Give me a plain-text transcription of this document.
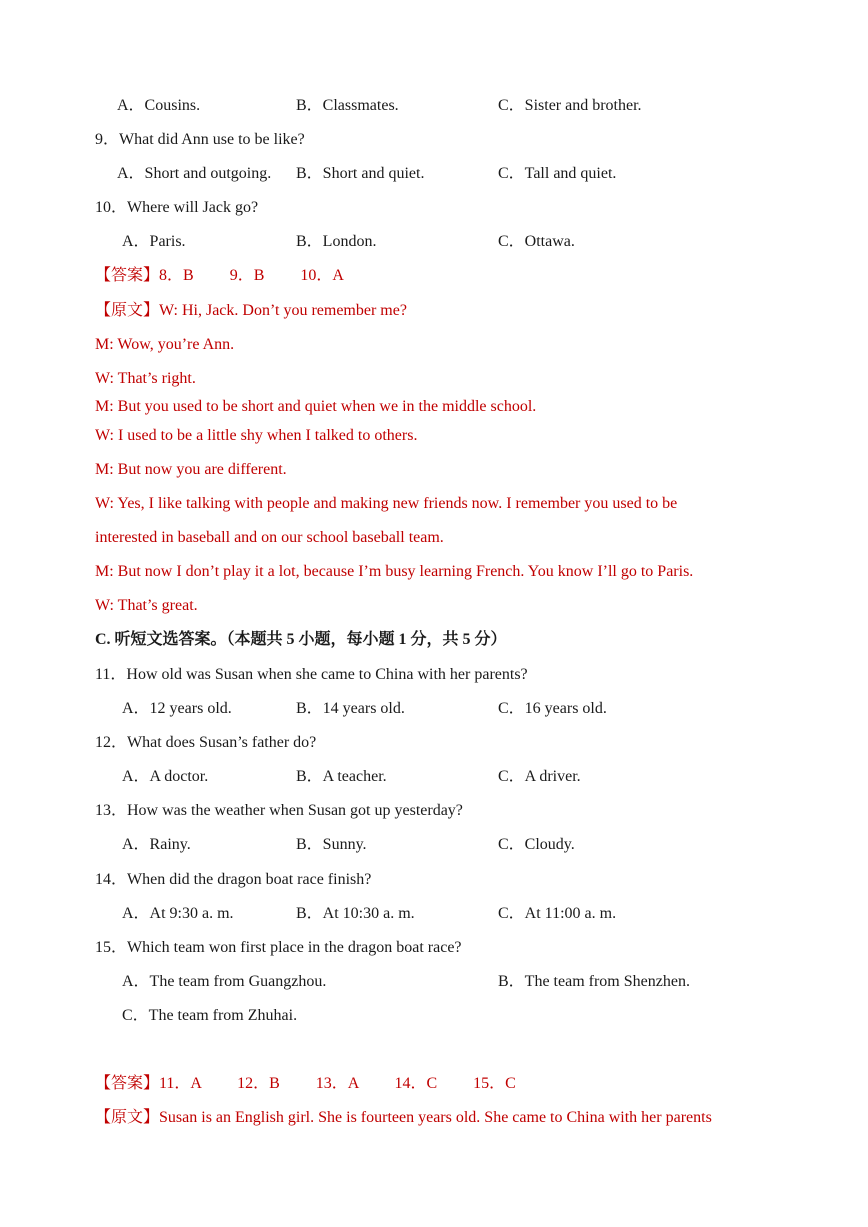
A．Cousins.	B．Classmates.	C．Sister and brother.
9．What did Ann use to be like?
A．Short and outgoing. B．Short and quiet.	C．Tall and quiet.
10．Where will Jack go?
A．Paris.	B．London.	C．Ottawa.
【答案】8．B 9．B 10．A
【原文】W: Hi, Jack. Don’t you remember me?
M: Wow, you’re Ann.
W: That’s right.
M: But you used to be short and quiet when we in the middle school.
W: I used to be a little shy when I talked to others.
M: But now you are different.
W: Yes, I like talking with people and making new friends now. I remember you used to be
interested in baseball and on our school baseball team.
M: But now I don’t play it a lot, because I’m busy learning French. You know I’ll go to Paris.
W: That’s great.
C. 听短文选答案。（本题共 5 小题，每小题 1 分，共 5 分）
11．How old was Susan when she came to China with her parents?
A．12 years old.	B．14 years old.	C．16 years old.
12．What does Susan’s father do?
A．A doctor.	B．A teacher.	C．A driver.
13．How was the weather when Susan got up yesterday?
A．Rainy.	B．Sunny.	C．Cloudy.
14．When did the dragon boat race finish?
A．At 9:30 a. m.	B．At 10:30 a. m.	C．At 11:00 a. m.
15．Which team won first place in the dragon boat race?
A．The team from Guangzhou.	B．The team from Shenzhen.
C．The team from Zhuhai.
【答案】11．A 12．B 13．A 14．C 15．C
【原文】Susan is an English girl. She is fourteen years old. She came to China with her parents
